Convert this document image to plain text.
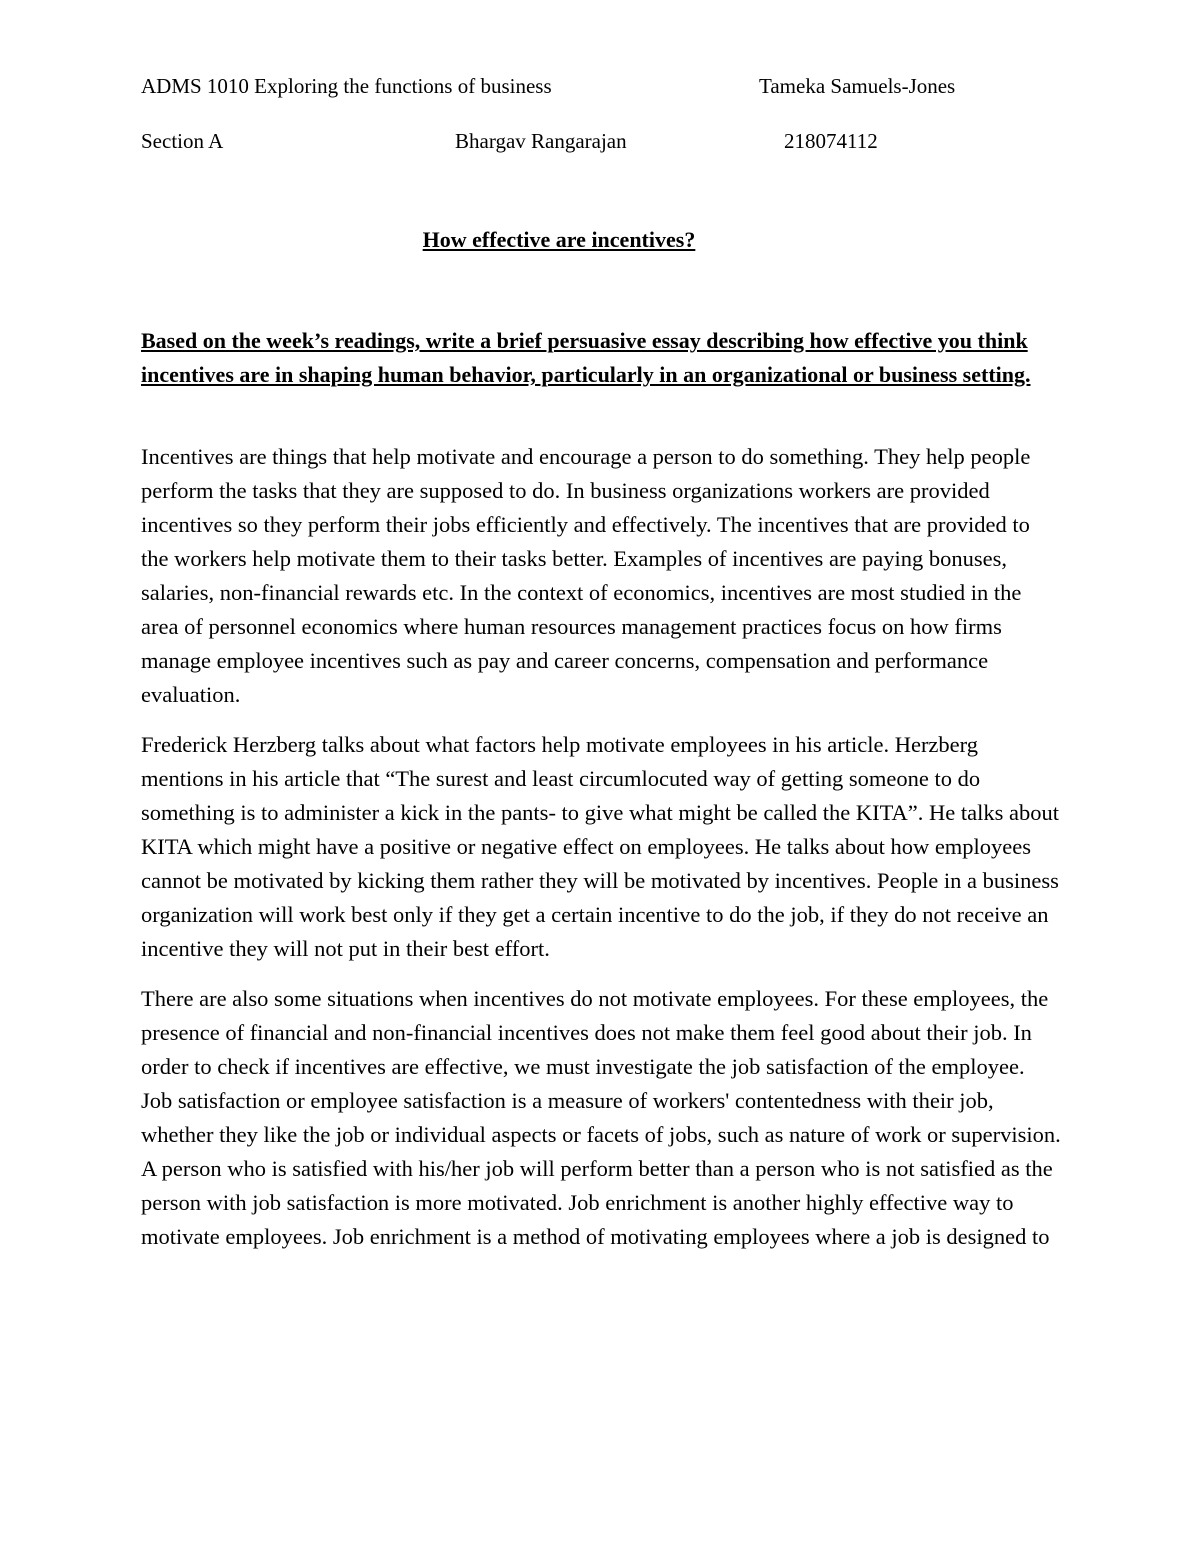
ADMS 1010 Exploring the functions of business	Tameka Samuels-Jones
Section A	Bhargav Rangarajan	218074112
How effective are incentives?
Based on the week’s readings, write a brief persuasive essay describing how effective you think incentives are in shaping human behavior, particularly in an organizational or business setting.

Incentives are things that help motivate and encourage a person to do something. They help people perform the tasks that they are supposed to do. In business organizations workers are provided incentives so they perform their jobs efficiently and effectively. The incentives that are provided to the workers help motivate them to their tasks better. Examples of incentives are paying bonuses, salaries, non-financial rewards etc. In the context of economics, incentives are most studied in the area of personnel economics where human resources management practices focus on how firms manage employee incentives such as pay and career concerns, compensation and performance evaluation.

Frederick Herzberg talks about what factors help motivate employees in his article. Herzberg mentions in his article that “The surest and least circumlocuted way of getting someone to do something is to administer a kick in the pants- to give what might be called the KITA”. He talks about KITA which might have a positive or negative effect on employees. He talks about how employees cannot be motivated by kicking them rather they will be motivated by incentives. People in a business organization will work best only if they get a certain incentive to do the job, if they do not receive an incentive they will not put in their best effort.

There are also some situations when incentives do not motivate employees. For these employees, the presence of financial and non-financial incentives does not make them feel good about their job. In order to check if incentives are effective, we must investigate the job satisfaction of the employee. Job satisfaction or employee satisfaction is a measure of workers' contentedness with their job, whether they like the job or individual aspects or facets of jobs, such as nature of work or supervision. A person who is satisfied with his/her job will perform better than a person who is not satisfied as the person with job satisfaction is more motivated. Job enrichment is another highly effective way to motivate employees. Job enrichment is a method of motivating employees where a job is designed to
